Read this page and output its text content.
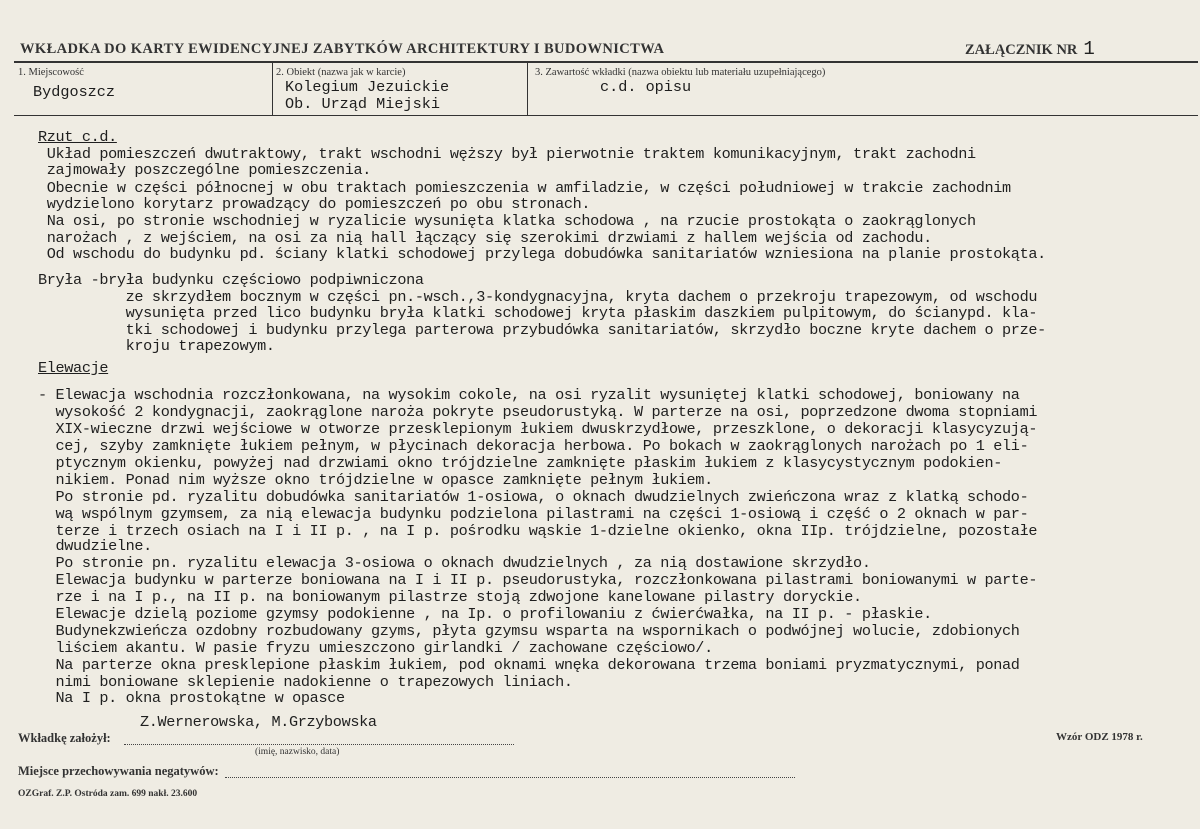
WKŁADKA DO KARTY EWIDENCYJNEJ ZABYTKÓW ARCHITEKTURY I BUDOWNICTWA	ZAŁĄCZNIK NR 1
1. Miejscowość
Bydgoszcz
2. Obiekt (nazwa jak w karcie)
Kolegium Jezuickie
Ob. Urząd Miejski
3. Zawartość wkładki (nazwa obiektu lub materiału uzupełniającego)
c.d. opisu
Rzut c.d.
Układ pomieszczeń dwutraktowy, trakt wschodni węższy był pierwotnie traktem komunikacyjnym, trakt zachodni
zajmowały poszczególne pomieszczenia.
Obecnie w części północnej w obu traktach pomieszczenia w amfiladzie, w części południowej w trakcie zachodnim
wydzielono korytarz prowadzący do pomieszczeń po obu stronach.
Na osi, po stronie wschodniej w ryzalicie wysunięta klatka schodowa , na rzucie prostokąta o zaokrąglonych
narożach , z wejściem, na osi za nią hall łączący się szerokimi drzwiami z hallem wejścia od zachodu.
Od wschodu do budynku pd. ściany klatki schodowej przylega dobudówka sanitariatów wzniesiona na planie prostokąta.
Bryła -bryła budynku częściowo podpiwniczona
ze skrzydłem bocznym w części pn.-wsch.,3-kondygnacyjna, kryta dachem o przekroju trapezowym, od wschodu
wysunięta przed lico budynku bryła klatki schodowej kryta płaskim daszkiem pulpitowym, do ścianypd. kla-
tki schodowej i budynku przylega parterowa przybudówka sanitariatów, skrzydło boczne kryte dachem o prze-
kroju trapezowym.
Elewacje
- Elewacja wschodnia rozczłonkowana, na wysokim cokole, na osi ryzalit wysuniętej klatki schodowej, boniowany na
wysokość 2 kondygnacji, zaokrąglone naroża pokryte pseudorustyką. W parterze na osi, poprzedzone dwoma stopniami
XIX-wieczne drzwi wejściowe w otworze przesklepionym łukiem dwuskrzydłowe, przeszklone, o dekoracji klasycyzują-
cej, szyby zamknięte łukiem pełnym, w płycinach dekoracja herbowa. Po bokach w zaokrąglonych narożach po 1 eli-
ptycznym okienku, powyżej nad drzwiami okno trójdzielne zamknięte płaskim łukiem z klasycystycznym podokien-
nikiem. Ponad nim wyższe okno trójdzielne w opasce zamknięte pełnym łukiem.
Po stronie pd. ryzalitu dobudówka sanitariatów 1-osiowa, o oknach dwudzielnych zwieńczona wraz z klatką schodo-
wą wspólnym gzymsem, za nią elewacja budynku podzielona pilastrami na części 1-osiową i część o 2 oknach w par-
terze i trzech osiach na I i II p. , na I p. pośrodku wąskie 1-dzielne okienko, okna IIp. trójdzielne, pozostałe
dwudzielne.
Po stronie pn. ryzalitu elewacja 3-osiowa o oknach dwudzielnych , za nią dostawione skrzydło.
Elewacja budynku w parterze boniowana na I i II p. pseudorustyka, rozczłonkowana pilastrami boniowanymi w parte-
rze i na I p., na II p. na boniowanym pilastrze stoją zdwojone kanelowane pilastry doryckie.
Elewacje dzielą poziome gzymsy podokienne , na Ip. o profilowaniu z ćwierćwałka, na II p. - płaskie.
Budynekzwieńcza ozdobny rozbudowany gzyms, płyta gzymsu wsparta na wspornikach o podwójnej wolucie, zdobionych
liściem akantu. W pasie fryzu umieszczono girlandki / zachowane częściowo/.
Na parterze okna presklepione płaskim łukiem, pod oknami wnęka dekorowana trzema boniami pryzmatycznymi, ponad
nimi boniowane sklepienie nadokienne o trapezowych liniach.
Na I p. okna prostokątne w opasce
Z.Wernerowska, M.Grzybowska
Wkładkę założył:
(imię, nazwisko, data)
Wzór ODZ 1978 r.
Miejsce przechowywania negatywów:
OZGraf. Z.P. Ostróda zam. 699 nakł. 23.600
